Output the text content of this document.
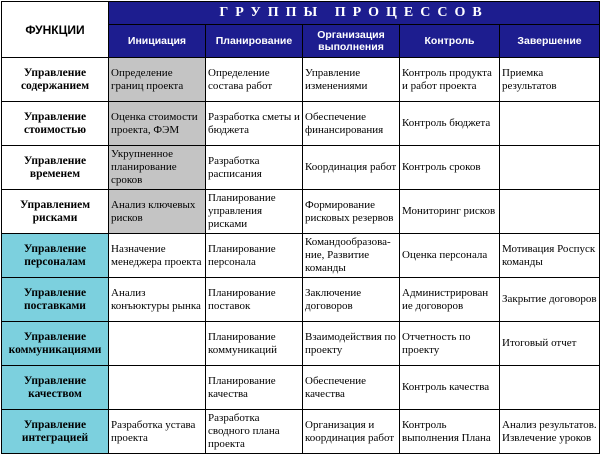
ФУНКЦИИ	ГРУППЫ ПРОЦЕССОВ				
	Инициация	Планирование	Организация выполнения	Контроль	Завершение
Управление содержанием	Определение границ проекта	Определение состава работ	Управление изменениями	Контроль продукта и работ проекта	Приемка результатов
Управление стоимостью	Оценка стоимости проекта, ФЭМ	Разработка сметы и бюджета	Обеспечение финансирования	Контроль бюджета	
Управление временем	Укрупненное планирование сроков	Разработка расписания	Координация работ	Контроль сроков	
Управлением рисками	Анализ ключевых рисков	Планирование управления рисками	Формирование рисковых резервов	Мониторинг рисков	
Управление персоналам	Назначение менеджера проекта	Планирование персонала	Командообразова-ние, Развитие команды	Оценка персонала	Мотивация Роспуск команды
Управление поставками	Анализ конъюктуры рынка	Планирование поставок	Заключение договоров	Администрирован ие договоров	Закрытие договоров
Управление коммуникациями		Планирование коммуникаций	Взаимодействия по проекту	Отчетность по проекту	Итоговый отчет
Управление качеством		Планирование качества	Обеспечение качества	Контроль качества	
Управление интеграцией	Разработка устава проекта	Разработка сводного плана проекта	Организация и координация работ	Контроль выполнения Плана	Анализ результатов. Извлечение уроков
